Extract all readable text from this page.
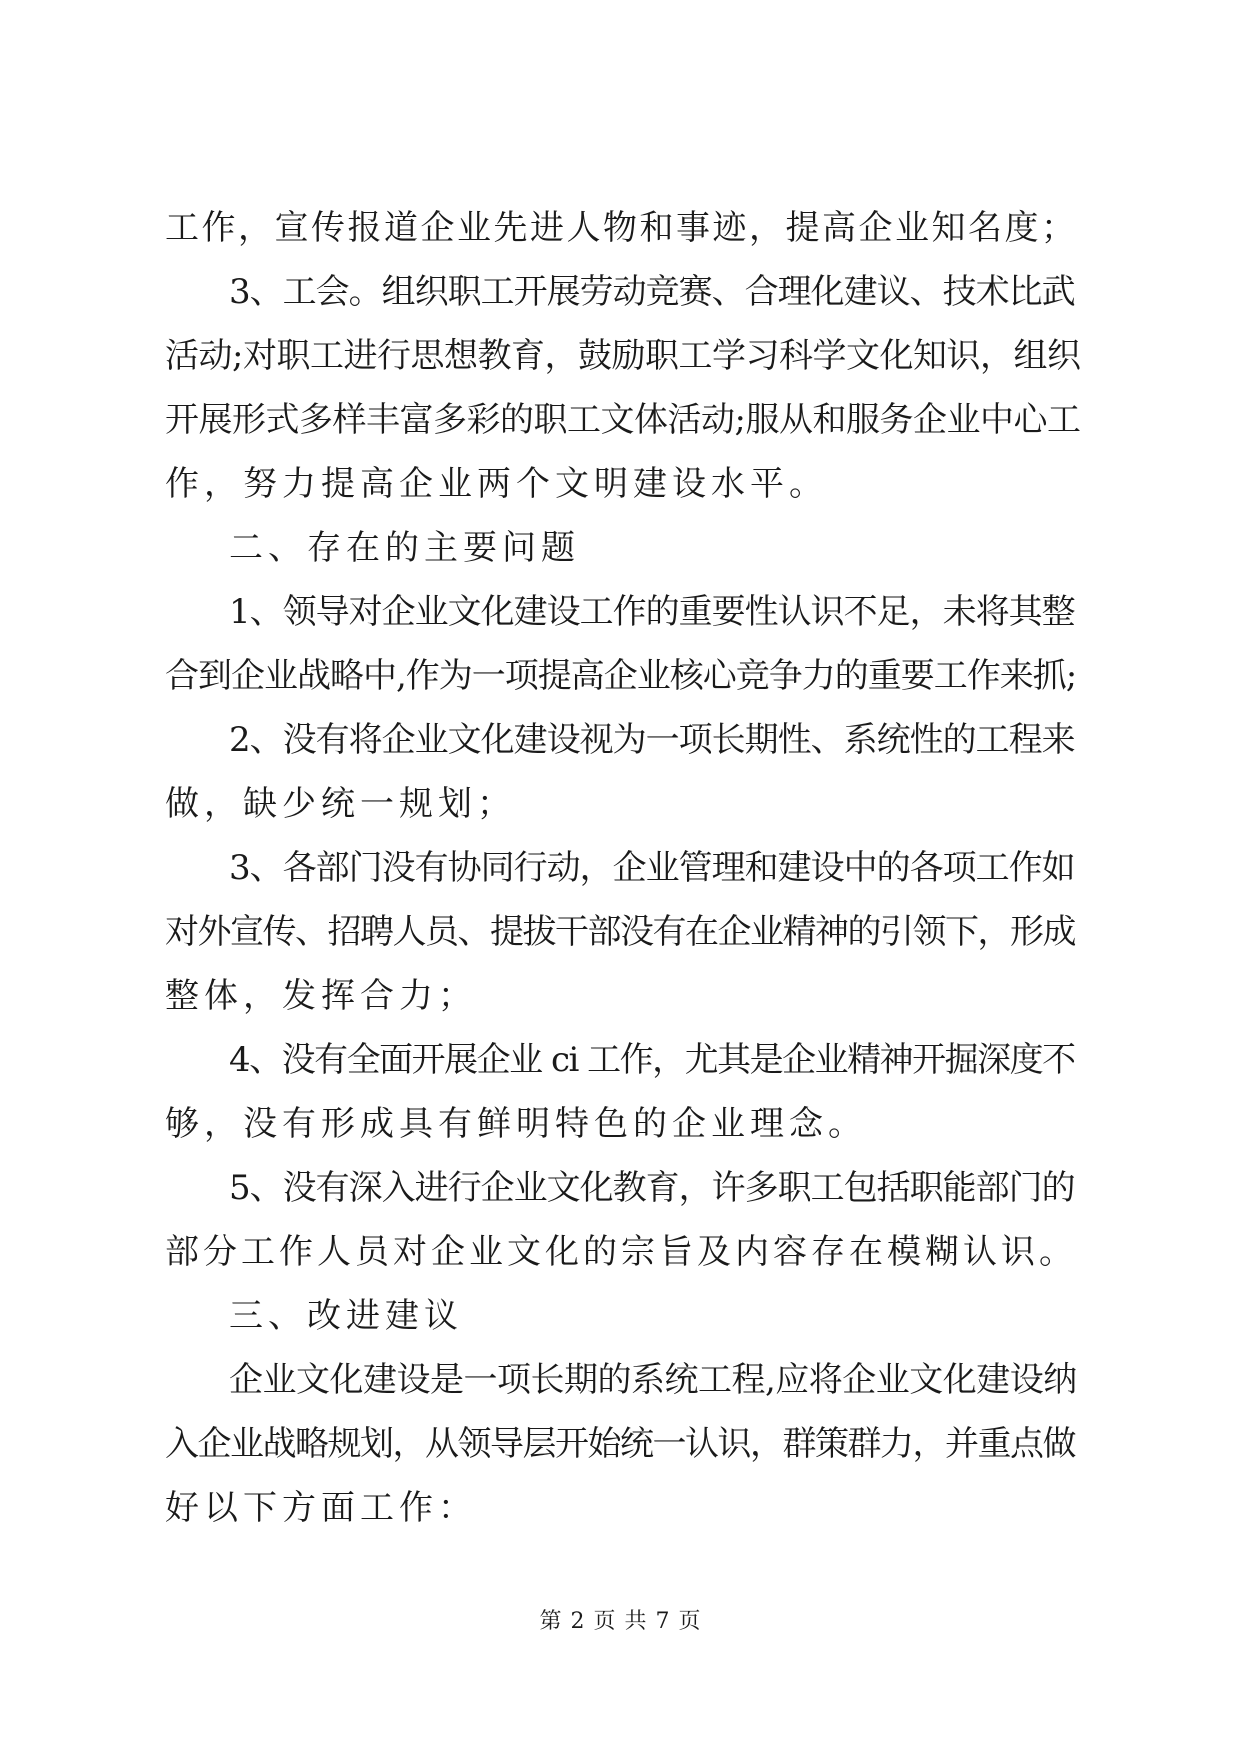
工作，宣传报道企业先进人物和事迹，提高企业知名度；
3、工会。组织职工开展劳动竞赛、合理化建议、技术比武
活动;对职工进行思想教育，鼓励职工学习科学文化知识，组织
开展形式多样丰富多彩的职工文体活动;服从和服务企业中心工
作，努力提高企业两个文明建设水平。
二、存在的主要问题
1、领导对企业文化建设工作的重要性认识不足，未将其整
合到企业战略中,作为一项提高企业核心竞争力的重要工作来抓;
2、没有将企业文化建设视为一项长期性、系统性的工程来
做，缺少统一规划；
3、各部门没有协同行动，企业管理和建设中的各项工作如
对外宣传、招聘人员、提拔干部没有在企业精神的引领下，形成
整体，发挥合力；
4、没有全面开展企业 ci 工作，尤其是企业精神开掘深度不
够，没有形成具有鲜明特色的企业理念。
5、没有深入进行企业文化教育，许多职工包括职能部门的
部分工作人员对企业文化的宗旨及内容存在模糊认识。
三、改进建议
企业文化建设是一项长期的系统工程,应将企业文化建设纳
入企业战略规划，从领导层开始统一认识，群策群力，并重点做
好以下方面工作：
第 2 页 共 7 页
